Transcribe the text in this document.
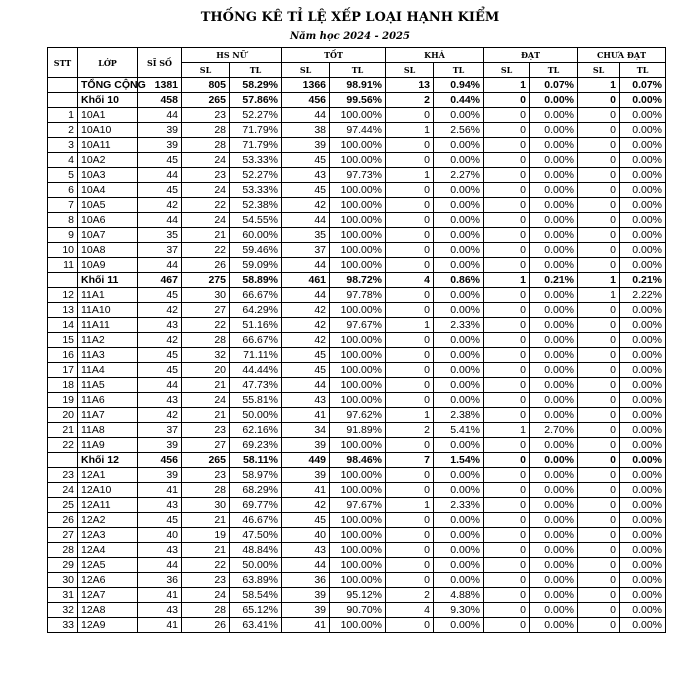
THỐNG KÊ TỈ LỆ XẾP LOẠI HẠNH KIỂM
Năm học 2024 - 2025
STT	LỚP	SĨ SỐ	HS NỮ		TỐT		KHÁ		ĐẠT		CHƯA ĐẠT	
			SL	TL	SL	TL	SL	TL	SL	TL	SL	TL
	TỔNG CỘNG	1381	805	58.29%	1366	98.91%	13	0.94%	1	0.07%	1	0.07%
	Khối 10	458	265	57.86%	456	99.56%	2	0.44%	0	0.00%	0	0.00%
1	10A1	44	23	52.27%	44	100.00%	0	0.00%	0	0.00%	0	0.00%
2	10A10	39	28	71.79%	38	97.44%	1	2.56%	0	0.00%	0	0.00%
3	10A11	39	28	71.79%	39	100.00%	0	0.00%	0	0.00%	0	0.00%
4	10A2	45	24	53.33%	45	100.00%	0	0.00%	0	0.00%	0	0.00%
5	10A3	44	23	52.27%	43	97.73%	1	2.27%	0	0.00%	0	0.00%
6	10A4	45	24	53.33%	45	100.00%	0	0.00%	0	0.00%	0	0.00%
7	10A5	42	22	52.38%	42	100.00%	0	0.00%	0	0.00%	0	0.00%
8	10A6	44	24	54.55%	44	100.00%	0	0.00%	0	0.00%	0	0.00%
9	10A7	35	21	60.00%	35	100.00%	0	0.00%	0	0.00%	0	0.00%
10	10A8	37	22	59.46%	37	100.00%	0	0.00%	0	0.00%	0	0.00%
11	10A9	44	26	59.09%	44	100.00%	0	0.00%	0	0.00%	0	0.00%
	Khối 11	467	275	58.89%	461	98.72%	4	0.86%	1	0.21%	1	0.21%
12	11A1	45	30	66.67%	44	97.78%	0	0.00%	0	0.00%	1	2.22%
13	11A10	42	27	64.29%	42	100.00%	0	0.00%	0	0.00%	0	0.00%
14	11A11	43	22	51.16%	42	97.67%	1	2.33%	0	0.00%	0	0.00%
15	11A2	42	28	66.67%	42	100.00%	0	0.00%	0	0.00%	0	0.00%
16	11A3	45	32	71.11%	45	100.00%	0	0.00%	0	0.00%	0	0.00%
17	11A4	45	20	44.44%	45	100.00%	0	0.00%	0	0.00%	0	0.00%
18	11A5	44	21	47.73%	44	100.00%	0	0.00%	0	0.00%	0	0.00%
19	11A6	43	24	55.81%	43	100.00%	0	0.00%	0	0.00%	0	0.00%
20	11A7	42	21	50.00%	41	97.62%	1	2.38%	0	0.00%	0	0.00%
21	11A8	37	23	62.16%	34	91.89%	2	5.41%	1	2.70%	0	0.00%
22	11A9	39	27	69.23%	39	100.00%	0	0.00%	0	0.00%	0	0.00%
	Khối 12	456	265	58.11%	449	98.46%	7	1.54%	0	0.00%	0	0.00%
23	12A1	39	23	58.97%	39	100.00%	0	0.00%	0	0.00%	0	0.00%
24	12A10	41	28	68.29%	41	100.00%	0	0.00%	0	0.00%	0	0.00%
25	12A11	43	30	69.77%	42	97.67%	1	2.33%	0	0.00%	0	0.00%
26	12A2	45	21	46.67%	45	100.00%	0	0.00%	0	0.00%	0	0.00%
27	12A3	40	19	47.50%	40	100.00%	0	0.00%	0	0.00%	0	0.00%
28	12A4	43	21	48.84%	43	100.00%	0	0.00%	0	0.00%	0	0.00%
29	12A5	44	22	50.00%	44	100.00%	0	0.00%	0	0.00%	0	0.00%
30	12A6	36	23	63.89%	36	100.00%	0	0.00%	0	0.00%	0	0.00%
31	12A7	41	24	58.54%	39	95.12%	2	4.88%	0	0.00%	0	0.00%
32	12A8	43	28	65.12%	39	90.70%	4	9.30%	0	0.00%	0	0.00%
33	12A9	41	26	63.41%	41	100.00%	0	0.00%	0	0.00%	0	0.00%
